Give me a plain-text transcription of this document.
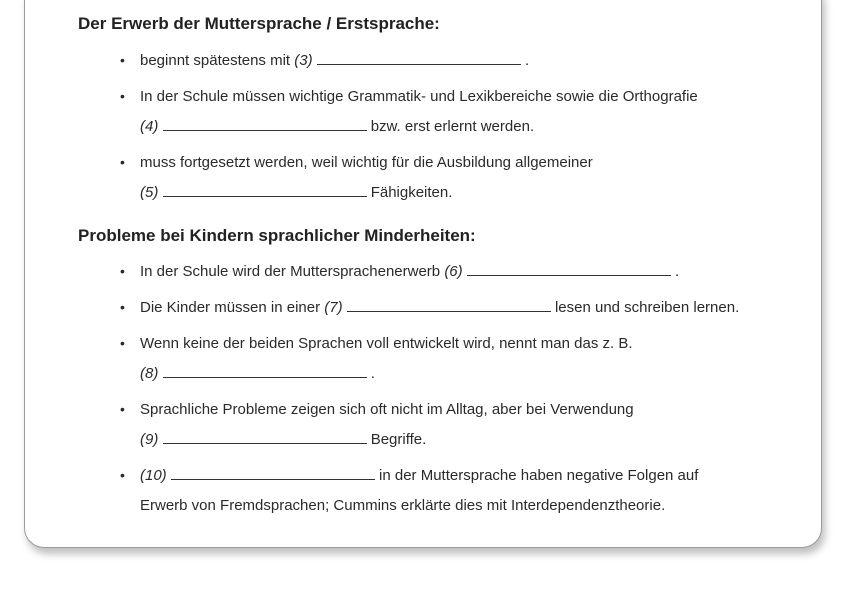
Der Erwerb der Muttersprache / Erstsprache:
• beginnt spätestens mit (3)	.
• In der Schule müssen wichtige Grammatik- und Lexikbereiche sowie die Orthografie
(4)	bzw. erst erlernt werden.
• muss fortgesetzt werden, weil wichtig für die Ausbildung allgemeiner
(5)	Fähigkeiten.
Probleme bei Kindern sprachlicher Minderheiten:
• In der Schule wird der Muttersprachenerwerb (6)	.
• Die Kinder müssen in einer (7)	lesen und schreiben lernen.
• Wenn keine der beiden Sprachen voll entwickelt wird, nennt man das z. B.
(8)	.
• Sprachliche Probleme zeigen sich oft nicht im Alltag, aber bei Verwendung
(9)	Begriffe.
• (10)	in der Muttersprache haben negative Folgen auf
Erwerb von Fremdsprachen; Cummins erklärte dies mit Interdependenztheorie.
